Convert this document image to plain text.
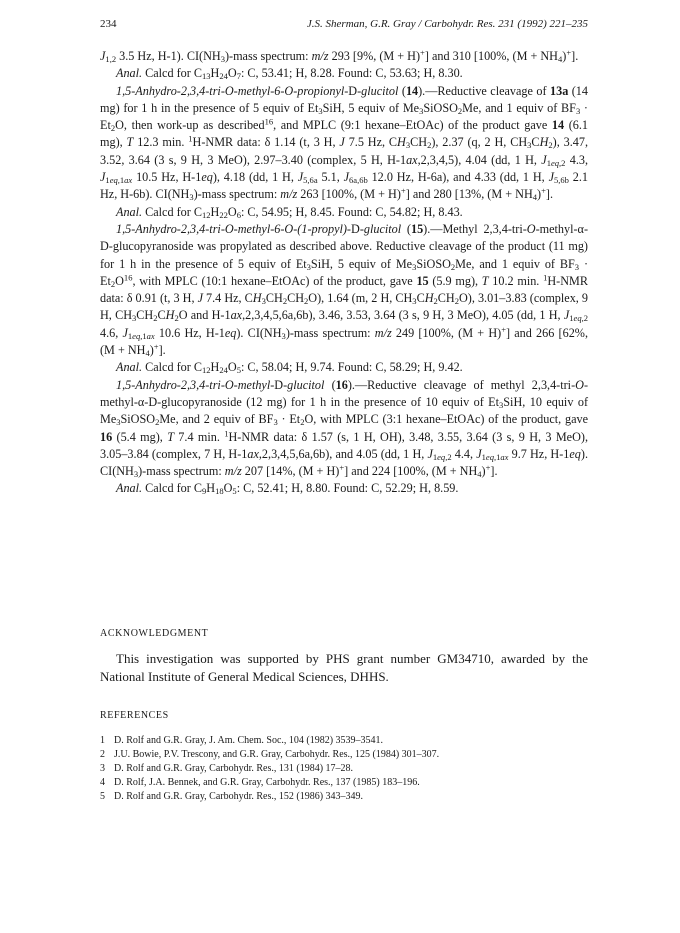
234	J.S. Sherman, G.R. Gray / Carbohydr. Res. 231 (1992) 221–235

$J_{1,2}$ 3.5 Hz, H-1). $CI(NH_3)$-mass spectrum: m/z 293 [9%, (M + H)+] and 310 [100%, $(M + NH_4)^+$].

Anal. Calcd for $C_{13}H_{24}O_7$: C, 53.41; H, 8.28. Found: C, 53.63; H, 8.30.

1,5-Anhydro-2,3,4-tri-O-methyl-6-O-propionyl-D-glucitol (14).—Reductive cleavage of 13a (14 mg) for 1 h in the presence of 5 equiv of $Et_3SiH$, 5 equiv of $Me_3SiOSO_2Me$, and 1 equiv of $BF_3 \cdot Et_2O$, then work-up as described$^{16}$, and MPLC (9:1 hexane–EtOAc) of the product gave 14 (6.1 mg), T 12.3 min. $^1$H-NMR data: δ 1.14 (t, 3 H, J 7.5 Hz, $CH_3CH_2$), 2.37 (q, 2 H, $CH_3CH_2$), 3.47, 3.52, 3.64 (3 s, 9 H, 3 MeO), 2.97–3.40 (complex, 5 H, H-1ax,2,3,4,5), 4.04 (dd, 1 H, $J_{1eq,2}$ 4.3, $J_{1eq,1ax}$ 10.5 Hz, H-1eq), 4.18 (dd, 1 H, $J_{5,6a}$ 5.1, $J_{6a,6b}$ 12.0 Hz, H-6a), and 4.33 (dd, 1 H, $J_{5,6b}$ 2.1 Hz, H-6b). $CI(NH_3)$-mass spectrum: m/z 263 [100%, (M + H)+] and 280 [13%, $(M + NH_4)^+$].

Anal. Calcd for $C_{12}H_{22}O_6$: C, 54.95; H, 8.45. Found: C, 54.82; H, 8.43.

1,5-Anhydro-2,3,4-tri-O-methyl-6-O-(1-propyl)-D-glucitol (15).—Methyl 2,3,4-tri-O-methyl-α-D-glucopyranoside was propylated as described above. Reductive cleavage of the product (11 mg) for 1 h in the presence of 5 equiv of $Et_3SiH$, 5 equiv of $Me_3SiOSO_2Me$, and 1 equiv of $BF_3 \cdot Et_2O^{16}$, with MPLC (10:1 hexane–EtOAc) of the product, gave 15 (5.9 mg), T 10.2 min. $^1$H-NMR data: δ 0.91 (t, 3 H, J 7.4 Hz, $CH_3CH_2CH_2O$), 1.64 (m, 2 H, $CH_3CH_2CH_2O$), 3.01–3.83 (complex, 9 H, $CH_3CH_2CH_2O$ and H-1ax,2,3,4,5,6a,6b), 3.46, 3.53, 3.64 (3 s, 9 H, 3 MeO), 4.05 (dd, 1 H, $J_{1eq,2}$ 4.6, $J_{1eq,1ax}$ 10.6 Hz, H-1eq). $CI(NH_3)$-mass spectrum: m/z 249 [100%, (M + H)+] and 266 [62%, $(M + NH_4)^+$].

Anal. Calcd for $C_{12}H_{24}O_5$: C, 58.04; H, 9.74. Found: C, 58.29; H, 9.42.

1,5-Anhydro-2,3,4-tri-O-methyl-D-glucitol (16).—Reductive cleavage of methyl 2,3,4-tri-O-methyl-α-D-glucopyranoside (12 mg) for 1 h in the presence of 10 equiv of $Et_3SiH$, 10 equiv of $Me_3SiOSO_2Me$, and 2 equiv of $BF_3 \cdot Et_2O$, with MPLC (3:1 hexane–EtOAc) of the product, gave 16 (5.4 mg), T 7.4 min. $^1$H-NMR data: δ 1.57 (s, 1 H, OH), 3.48, 3.55, 3.64 (3 s, 9 H, 3 MeO), 3.05–3.84 (complex, 7 H, H-1ax,2,3,4,5,6a,6b), and 4.05 (dd, 1 H, $J_{1eq,2}$ 4.4, $J_{1eq,1ax}$ 9.7 Hz, H-1eq). $CI(NH_3)$-mass spectrum: m/z 207 [14%, (M + H)+] and 224 [100%, $(M + NH_4)^+$].

Anal. Calcd for $C_9H_{18}O_5$: C, 52.41; H, 8.80. Found: C, 52.29; H, 8.59.

ACKNOWLEDGMENT
This investigation was supported by PHS grant number GM34710, awarded by the National Institute of General Medical Sciences, DHHS.
REFERENCES
1 D. Rolf and G.R. Gray, J. Am. Chem. Soc., 104 (1982) 3539–3541.
2 J.U. Bowie, P.V. Trescony, and G.R. Gray, Carbohydr. Res., 125 (1984) 301–307.
3 D. Rolf and G.R. Gray, Carbohydr. Res., 131 (1984) 17–28.
4 D. Rolf, J.A. Bennek, and G.R. Gray, Carbohydr. Res., 137 (1985) 183–196.
5 D. Rolf and G.R. Gray, Carbohydr. Res., 152 (1986) 343–349.
